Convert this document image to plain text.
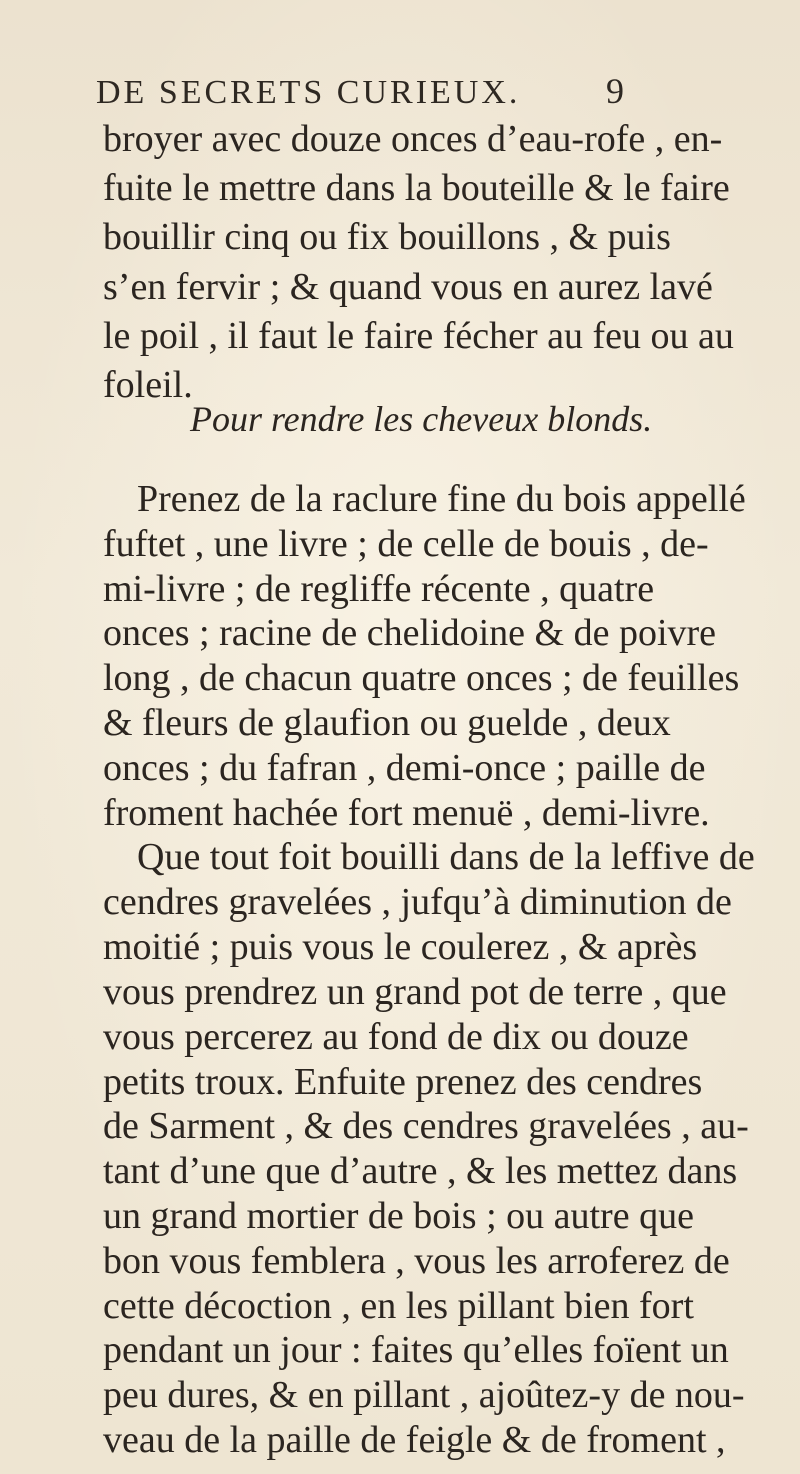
DE SECRETS CURIEUX.	9
broyer avec douze onces d’eau-rofe , en-
fuite le mettre dans la bouteille & le faire
bouillir cinq ou fix bouillons , & puis
s’en fervir ; & quand vous en aurez lavé
le poil , il faut le faire fécher au feu ou au
foleil.
Pour rendre les cheveux blonds.
Prenez de la raclure fine du bois appellé
fuftet , une livre ; de celle de bouis , de-
mi-livre ; de regliffe récente , quatre
onces ; racine de chelidoine & de poivre
long , de chacun quatre onces ; de feuilles
& fleurs de glaufion ou guelde , deux
onces ; du fafran , demi-once ; paille de
froment hachée fort menuë , demi-livre.
Que tout foit bouilli dans de la leffive de
cendres gravelées , jufqu’à diminution de
moitié ; puis vous le coulerez , & après
vous prendrez un grand pot de terre , que
vous percerez au fond de dix ou douze
petits troux. Enfuite prenez des cendres
de Sarment , & des cendres gravelées , au-
tant d’une que d’autre , & les mettez dans
un grand mortier de bois ; ou autre que
bon vous femblera , vous les arroferez de
cette décoction , en les pillant bien fort
pendant un jour : faites qu’elles foïent un
peu dures, & en pillant , ajoûtez-y de nou-
veau de la paille de feigle & de froment ,
